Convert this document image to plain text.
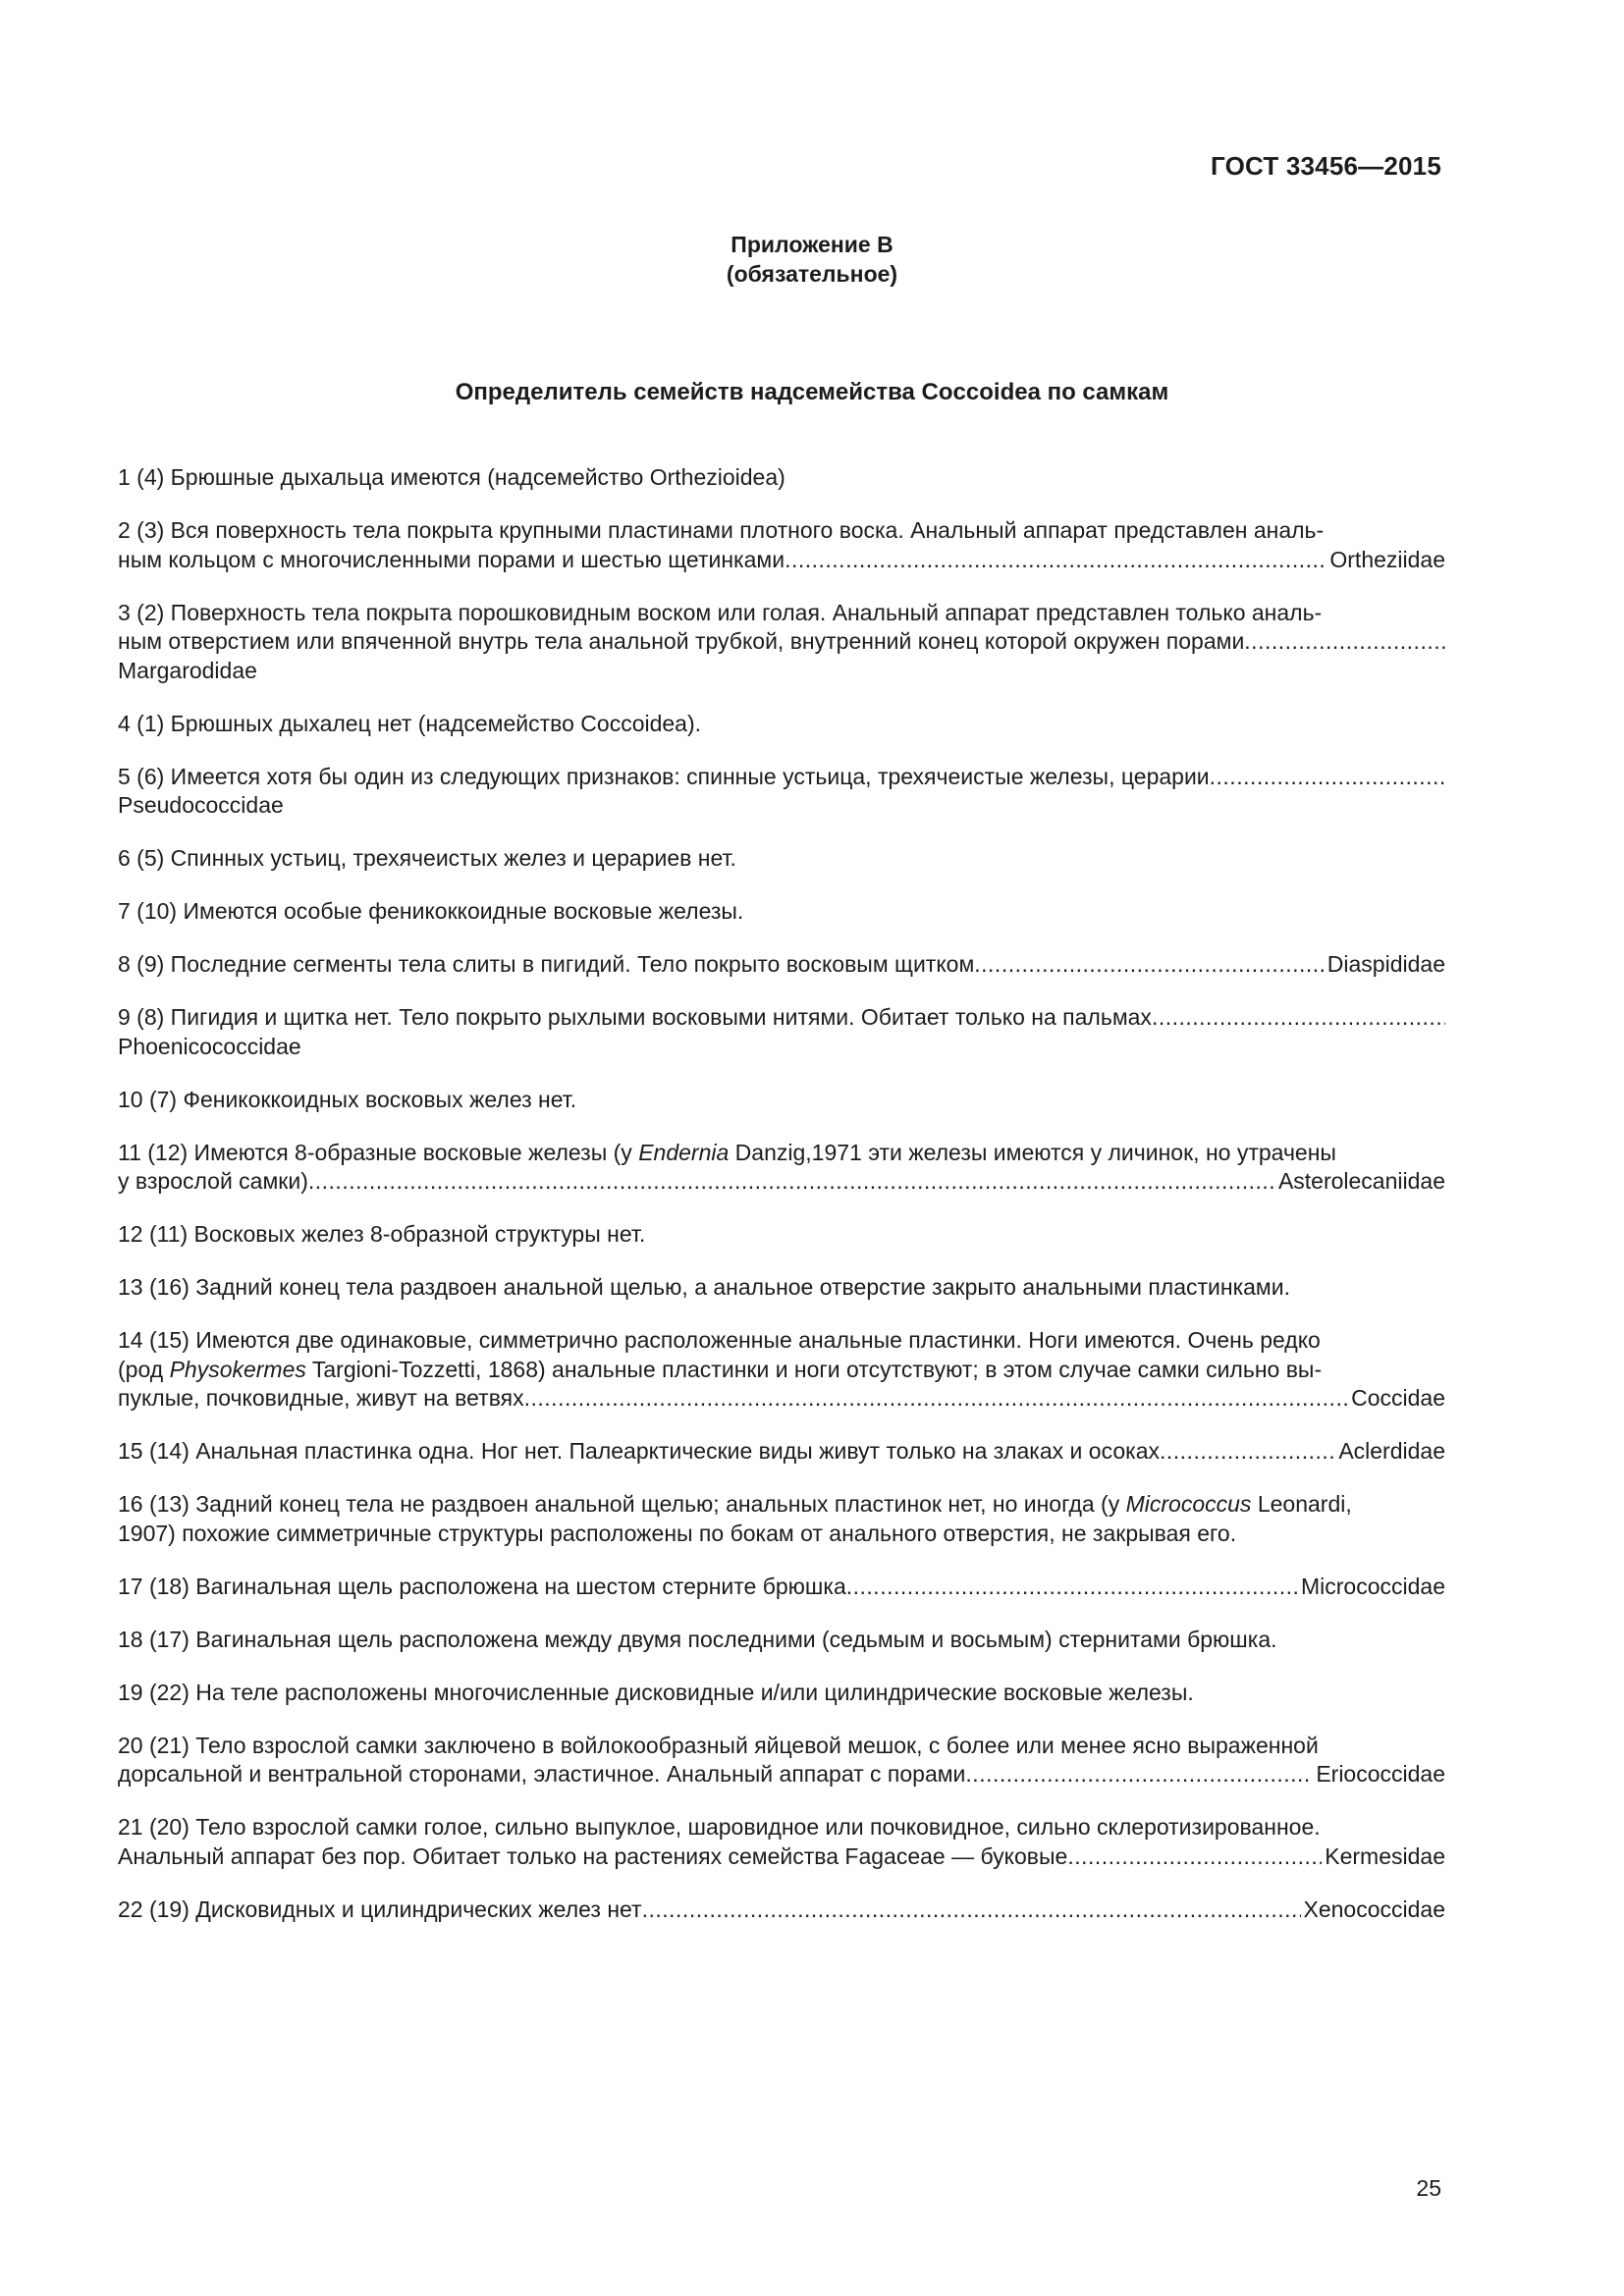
ГОСТ 33456—2015

Приложение В
(обязательное)

Определитель семейств надсемейства Coccoidea по самкам

1 (4) Брюшные дыхальца имеются (надсемейство Orthezioidea)
2 (3) Вся поверхность тела покрыта крупными пластинами плотного воска. Анальный аппарат представлен аналь-
ным кольцом с многочисленными порами и шестью щетинками .....	Ortheziidae
3 (2) Поверхность тела покрыта порошковидным воском или голая. Анальный аппарат представлен только аналь-
ным отверстием или впяченной внутрь тела анальной трубкой, внутренний конец которой окружен порами
.....
Margarodidae
4 (1) Брюшных дыхалец нет (надсемейство Coccoidea).
5 (6) Имеется хотя бы один из следующих признаков: спинные устьица, трехячеистые железы, церарии
.....
Pseudococcidae
6 (5) Спинных устьиц, трехячеистых желез и церариев нет.
7 (10) Имеются особые феникоккоидные восковые железы.
8 (9) Последние сегменты тела слиты в пигидий. Тело покрыто восковым щитком .....	Diaspididae
9 (8) Пигидия и щитка нет. Тело покрыто рыхлыми восковыми нитями. Обитает только на пальмах
.....
Phoenicococcidae
10 (7) Феникоккоидных восковых желез нет.
11 (12) Имеются 8-образные восковые железы (у Endernia Danzig,1971 эти железы имеются у личинок, но утрачены
у взрослой самки) .....	Asterolecaniidae
12 (11) Восковых желез 8-образной структуры нет.
13 (16) Задний конец тела раздвоен анальной щелью, а анальное отверстие закрыто анальными пластинками.
14 (15) Имеются две одинаковые, симметрично расположенные анальные пластинки. Ноги имеются. Очень редко
(род Physokermes Targioni-Tozzetti, 1868) анальные пластинки и ноги отсутствуют; в этом случае самки сильно вы-
пуклые, почковидные, живут на ветвях .....	Coccidae
15 (14) Анальная пластинка одна. Ног нет. Палеарктические виды живут только на злаках и осоках .....	Aclerdidae
16 (13) Задний конец тела не раздвоен анальной щелью; анальных пластинок нет, но иногда (у Micrococcus Leonardi,
1907) похожие симметричные структуры расположены по бокам от анального отверстия, не закрывая его.
17 (18) Вагинальная щель расположена на шестом стерните брюшка .....	Micrococcidae
18 (17) Вагинальная щель расположена между двумя последними (седьмым и восьмым) стернитами брюшка.
19 (22) На теле расположены многочисленные дисковидные и/или цилиндрические восковые железы.
20 (21) Тело взрослой самки заключено в войлокообразный яйцевой мешок, с более или менее ясно выраженной
дорсальной и вентральной сторонами, эластичное. Анальный аппарат с порами .....	Eriococcidae
21 (20) Тело взрослой самки голое, сильно выпуклое, шаровидное или почковидное, сильно склеротизированное.
Анальный аппарат без пор. Обитает только на растениях семейства Fagaceae — буковые .....	Kermesidae
22 (19) Дисковидных и цилиндрических желез нет .....	Xenococcidae

25
